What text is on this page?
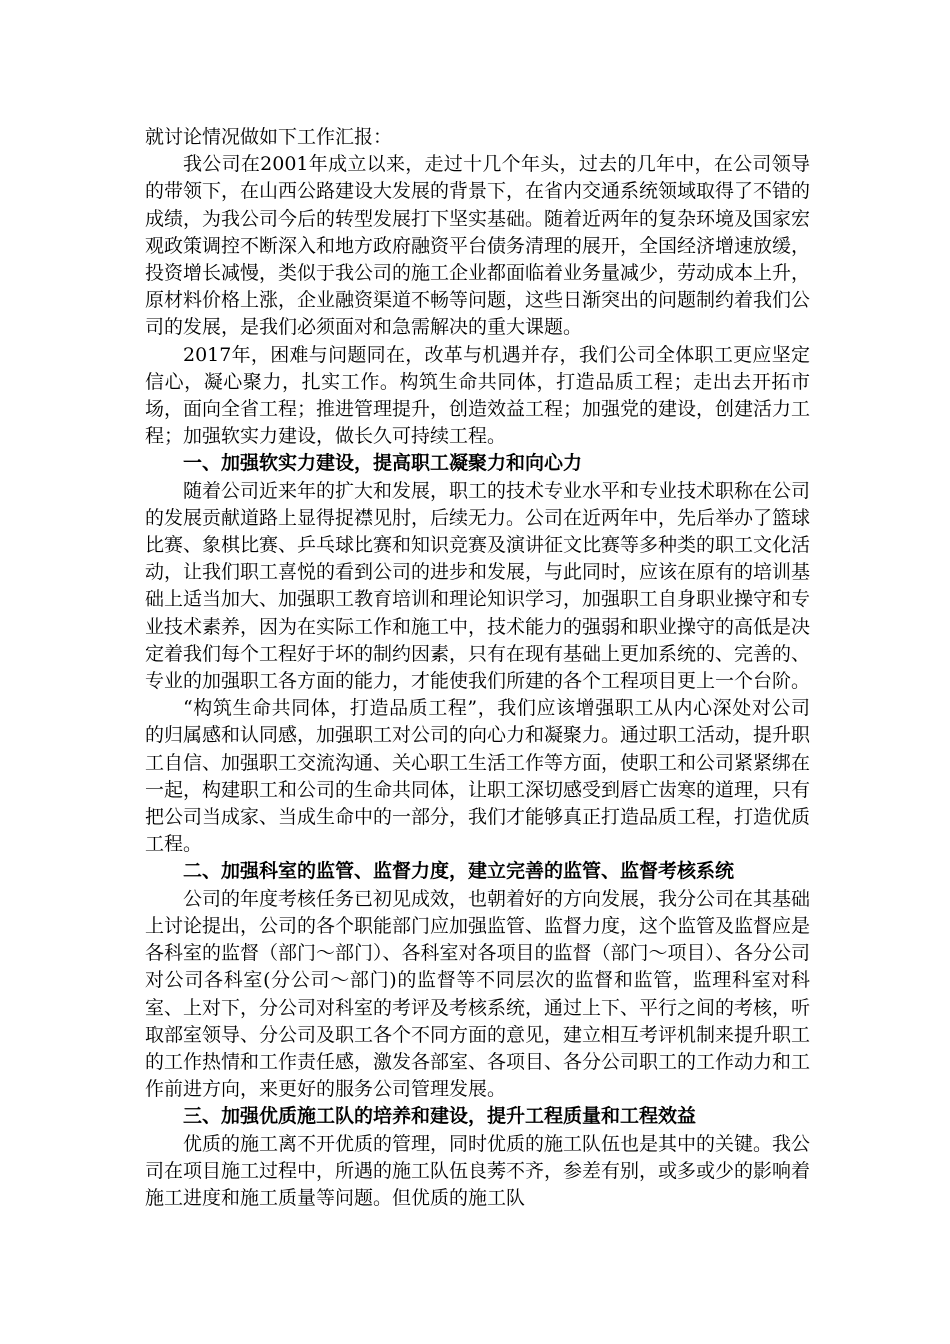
就讨论情况做如下工作汇报：

我公司在2001年成立以来，走过十几个年头，过去的几年中，在公司领导的带领下，在山西公路建设大发展的背景下，在省内交通系统领域取得了不错的成绩，为我公司今后的转型发展打下坚实基础。随着近两年的复杂环境及国家宏观政策调控不断深入和地方政府融资平台债务清理的展开，全国经济增速放缓，投资增长减慢，类似于我公司的施工企业都面临着业务量减少，劳动成本上升，原材料价格上涨，企业融资渠道不畅等问题，这些日渐突出的问题制约着我们公司的发展，是我们必须面对和急需解决的重大课题。

2017年，困难与问题同在，改革与机遇并存，我们公司全体职工更应坚定信心，凝心聚力，扎实工作。构筑生命共同体，打造品质工程；走出去开拓市场，面向全省工程；推进管理提升，创造效益工程；加强党的建设，创建活力工程；加强软实力建设，做长久可持续工程。

一、加强软实力建设，提高职工凝聚力和向心力

随着公司近来年的扩大和发展，职工的技术专业水平和专业技术职称在公司的发展贡献道路上显得捉襟见肘，后续无力。公司在近两年中，先后举办了篮球比赛、象棋比赛、乒乓球比赛和知识竞赛及演讲征文比赛等多种类的职工文化活动，让我们职工喜悦的看到公司的进步和发展，与此同时，应该在原有的培训基础上适当加大、加强职工教育培训和理论知识学习，加强职工自身职业操守和专业技术素养，因为在实际工作和施工中，技术能力的强弱和职业操守的高低是决定着我们每个工程好于坏的制约因素，只有在现有基础上更加系统的、完善的、专业的加强职工各方面的能力，才能使我们所建的各个工程项目更上一个台阶。

“构筑生命共同体，打造品质工程”，我们应该增强职工从内心深处对公司的归属感和认同感，加强职工对公司的向心力和凝聚力。通过职工活动，提升职工自信、加强职工交流沟通、关心职工生活工作等方面，使职工和公司紧紧绑在一起，构建职工和公司的生命共同体，让职工深切感受到唇亡齿寒的道理，只有把公司当成家、当成生命中的一部分，我们才能够真正打造品质工程，打造优质工程。

二、加强科室的监管、监督力度，建立完善的监管、监督考核系统

公司的年度考核任务已初见成效，也朝着好的方向发展，我分公司在其基础上讨论提出，公司的各个职能部门应加强监管、监督力度，这个监管及监督应是各科室的监督（部门～部门）、各科室对各项目的监督（部门～项目）、各分公司对公司各科室(分公司～部门)的监督等不同层次的监督和监管，监理科室对科室、上对下，分公司对科室的考评及考核系统，通过上下、平行之间的考核，听取部室领导、分公司及职工各个不同方面的意见，建立相互考评机制来提升职工的工作热情和工作责任感，激发各部室、各项目、各分公司职工的工作动力和工作前进方向，来更好的服务公司管理发展。

三、加强优质施工队的培养和建设，提升工程质量和工程效益

优质的施工离不开优质的管理，同时优质的施工队伍也是其中的关键。我公司在项目施工过程中，所遇的施工队伍良莠不齐，参差有别，或多或少的影响着施工进度和施工质量等问题。但优质的施工队
